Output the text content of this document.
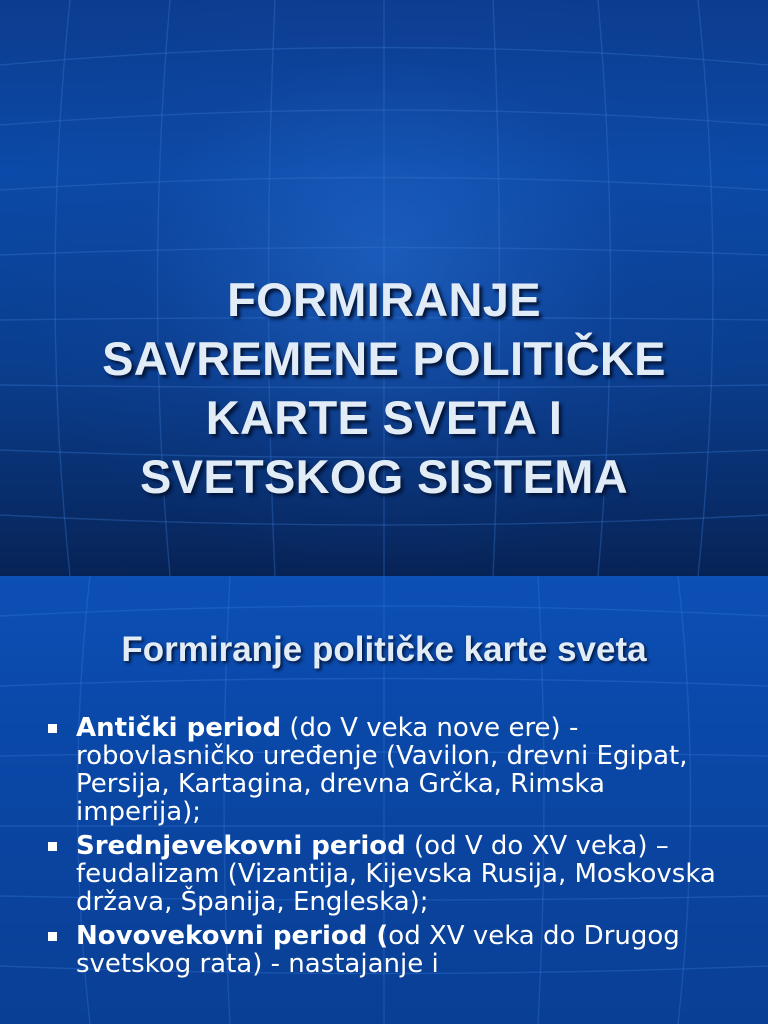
FORMIRANJE
SAVREMENE POLITIČKE
KARTE SVETA I
SVETSKOG SISTEMA
Formiranje političke karte sveta
Antički period (do V veka nove ere) -robovlasničko uređenje (Vavilon, drevni Egipat, Persija, Kartagina, drevna Grčka, Rimska imperija);
Srednjevekovni period (od V do XV veka) – feudalizam (Vizantija, Kijevska Rusija, Moskovska država, Španija, Engleska);
Novovekovni period (od XV veka do Drugog svetskog rata) - nastajanje i
